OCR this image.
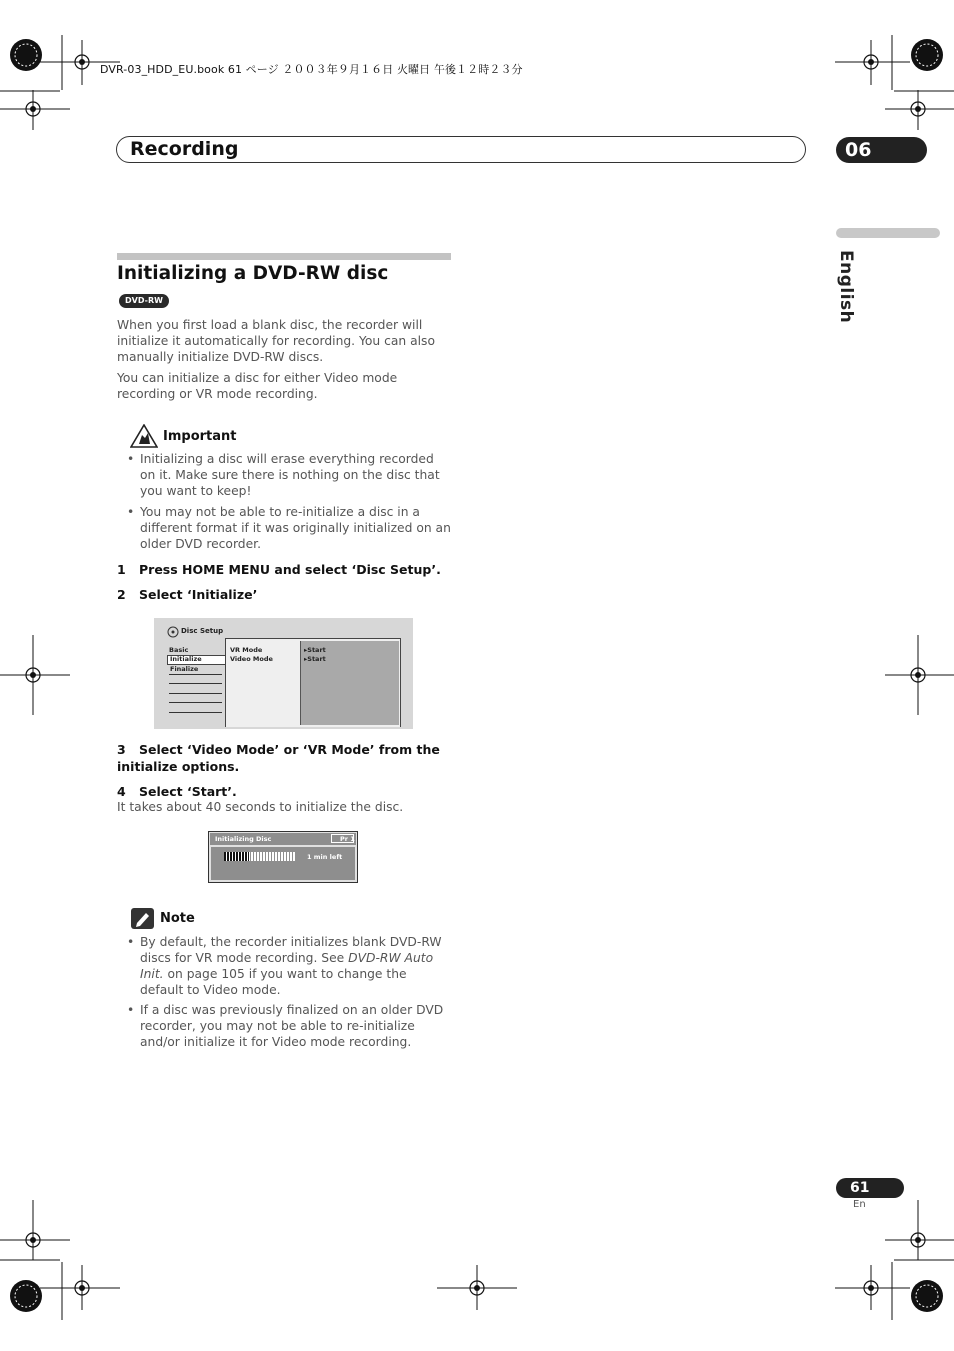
DVR-03_HDD_EU.book 61 ページ ２００３年９月１６日 火曜日 午後１２時２３分
Recording	06
English
Initializing a DVD-RW disc
DVD-RW
When you first load a blank disc, the recorder will initialize it automatically for recording. You can also manually initialize DVD-RW discs.
You can initialize a disc for either Video mode recording or VR mode recording.
Important
• Initializing a disc will erase everything recorded on it. Make sure there is nothing on the disc that you want to keep!
• You may not be able to re-initialize a disc in a different format if it was originally initialized on an older DVD recorder.
1 Press HOME MENU and select ‘Disc Setup’.
2 Select ‘Initialize’
Disc Setup
Basic
Initialize
Finalize
VR Mode
Video Mode
▸Start
▸Start
3 Select ‘Video Mode’ or ‘VR Mode’ from the initialize options.
4 Select ‘Start’.
It takes about 40 seconds to initialize the disc.
Initializing Disc	Pr 1
1 min left
Note
• By default, the recorder initializes blank DVD-RW discs for VR mode recording. See DVD-RW Auto Init. on page 105 if you want to change the default to Video mode.
• If a disc was previously finalized on an older DVD recorder, you may not be able to re-initialize and/or initialize it for Video mode recording.
61
En
